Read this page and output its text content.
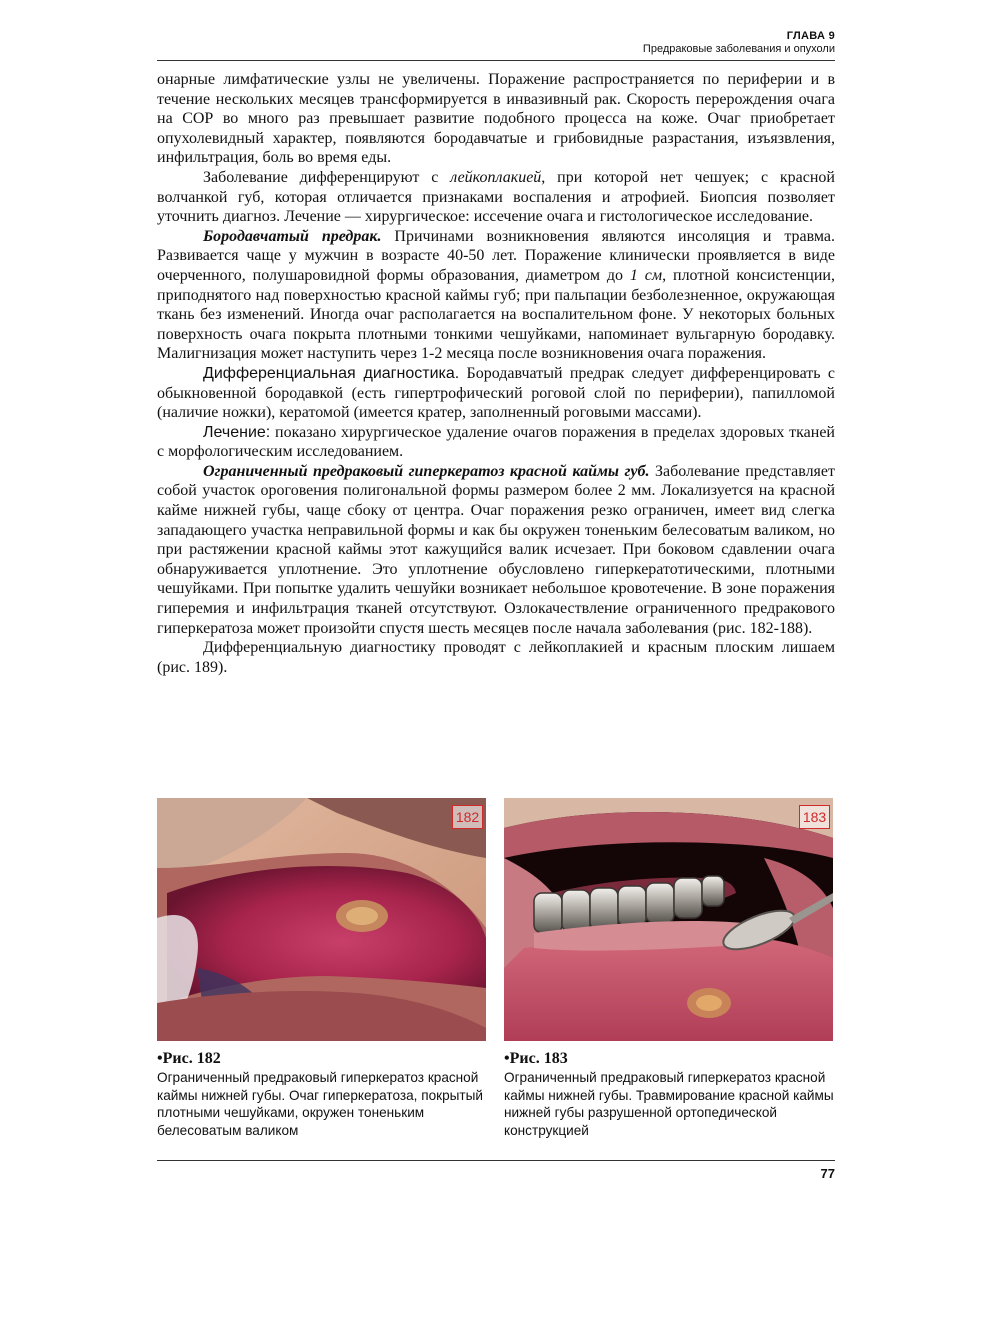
ГЛАВА 9
Предраковые заболевания и опухоли

онарные лимфатические узлы не увеличены. Поражение распространяется по периферии и в течение нескольких месяцев трансформируется в инвазивный рак. Скорость перерождения очага на СОР во много раз превышает развитие подобного процесса на коже. Очаг приобретает опухолевидный характер, появляются бородавчатые и грибовидные разрастания, изъязвления, инфильтрация, боль во время еды.

Заболевание дифференцируют с лейкоплакией, при которой нет чешуек; с красной волчанкой губ, которая отличается признаками воспаления и атрофией. Биопсия позволяет уточнить диагноз. Лечение — хирургическое: иссечение очага и гистологическое исследование.

Бородавчатый предрак. Причинами возникновения являются инсоляция и травма. Развивается чаще у мужчин в возрасте 40-50 лет. Поражение клинически проявляется в виде очерченного, полушаровидной формы образования, диаметром до 1 см, плотной консистенции, приподнятого над поверхностью красной каймы губ; при пальпации безболезненное, окружающая ткань без изменений. Иногда очаг располагается на воспалительном фоне. У некоторых больных поверхность очага покрыта плотными тонкими чешуйками, напоминает вульгарную бородавку. Малигнизация может наступить через 1-2 месяца после возникновения очага поражения.

Дифференциальная диагностика. Бородавчатый предрак следует дифференцировать с обыкновенной бородавкой (есть гипертрофический роговой слой по периферии), папилломой (наличие ножки), кератомой (имеется кратер, заполненный роговыми массами).

Лечение: показано хирургическое удаление очагов поражения в пределах здоровых тканей с морфологическим исследованием.

Ограниченный предраковый гиперкератоз красной каймы губ. Заболевание представляет собой участок ороговения полигональной формы размером более 2 мм. Локализуется на красной кайме нижней губы, чаще сбоку от центра. Очаг поражения резко ограничен, имеет вид слегка западающего участка неправильной формы и как бы окружен тоненьким белесоватым валиком, но при растяжении красной каймы этот кажущийся валик исчезает. При боковом сдавлении очага обнаруживается уплотнение. Это уплотнение обусловлено гиперкератотическими, плотными чешуйками. При попытке удалить чешуйки возникает небольшое кровотечение. В зоне поражения гиперемия и инфильтрация тканей отсутствуют. Озлокачествление ограниченного предракового гиперкератоза может произойти спустя шесть месяцев после начала заболевания (рис. 182-188).

Дифференциальную диагностику проводят с лейкоплакией и красным плоским лишаем (рис. 189).

182	183
•Рис. 182

Ограниченный предраковый гиперкератоз красной каймы нижней губы. Очаг гиперкератоза, покрытый плотными чешуйками, окружен тоненьким белесоватым валиком

•Рис. 183

Ограниченный предраковый гиперкератоз красной каймы нижней губы. Травмирование красной каймы нижней губы разрушенной ортопедической конструкцией

77
